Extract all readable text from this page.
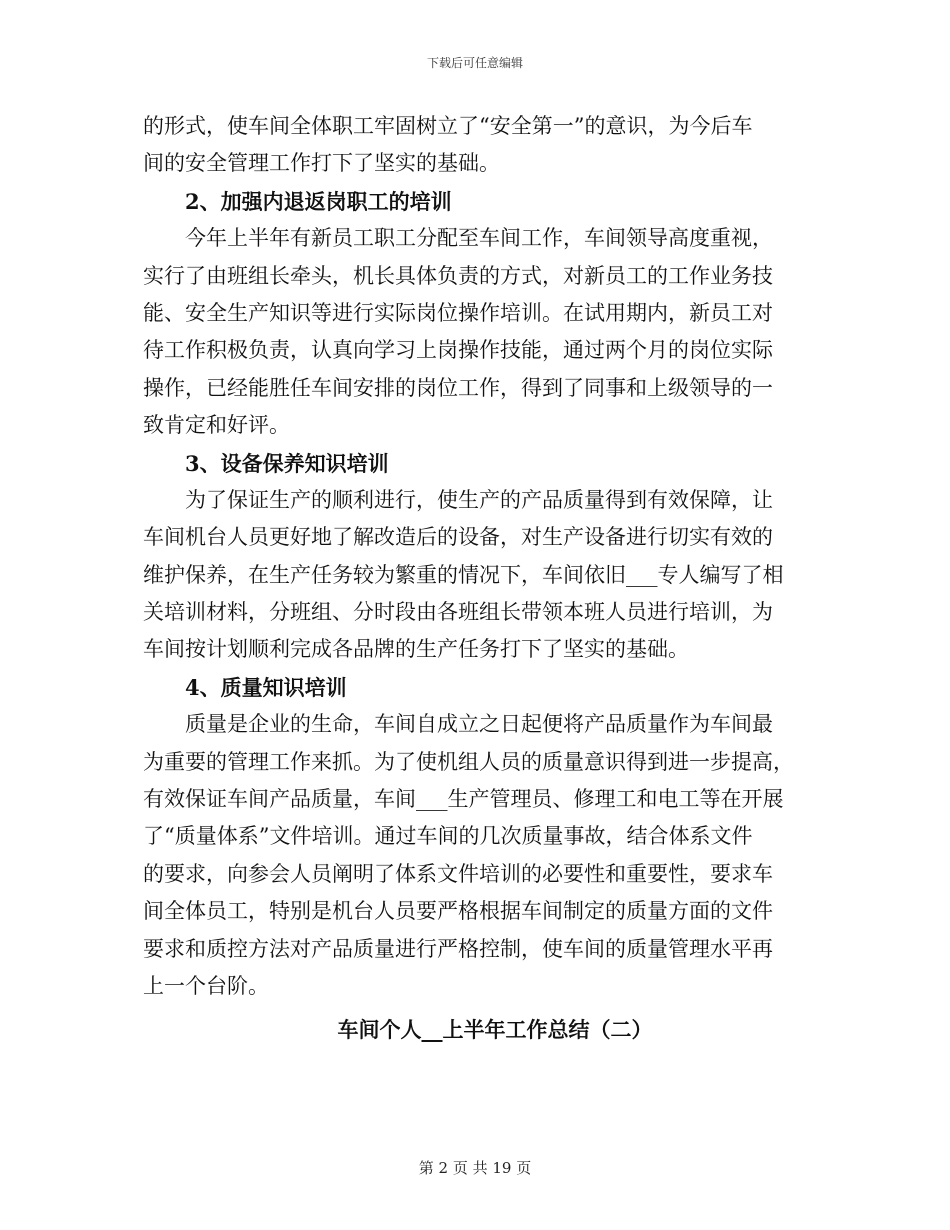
下载后可任意编辑
的形式，使车间全体职工牢固树立了“安全第一”的意识，为今后车
间的安全管理工作打下了坚实的基础。
2、加强内退返岗职工的培训
今年上半年有新员工职工分配至车间工作，车间领导高度重视，
实行了由班组长牵头，机长具体负责的方式，对新员工的工作业务技
能、安全生产知识等进行实际岗位操作培训。在试用期内，新员工对
待工作积极负责，认真向学习上岗操作技能，通过两个月的岗位实际
操作，已经能胜任车间安排的岗位工作，得到了同事和上级领导的一
致肯定和好评。
3、设备保养知识培训
为了保证生产的顺利进行，使生产的产品质量得到有效保障，让
车间机台人员更好地了解改造后的设备，对生产设备进行切实有效的
维护保养，在生产任务较为繁重的情况下，车间依旧___专人编写了相
关培训材料，分班组、分时段由各班组长带领本班人员进行培训，为
车间按计划顺利完成各品牌的生产任务打下了坚实的基础。
4、质量知识培训
质量是企业的生命，车间自成立之日起便将产品质量作为车间最
为重要的管理工作来抓。为了使机组人员的质量意识得到进一步提高，
有效保证车间产品质量，车间___生产管理员、修理工和电工等在开展
了“质量体系”文件培训。通过车间的几次质量事故，结合体系文件
的要求，向参会人员阐明了体系文件培训的必要性和重要性，要求车
间全体员工，特别是机台人员要严格根据车间制定的质量方面的文件
要求和质控方法对产品质量进行严格控制，使车间的质量管理水平再
上一个台阶。
车间个人__上半年工作总结（二）
第 2 页 共 19 页
